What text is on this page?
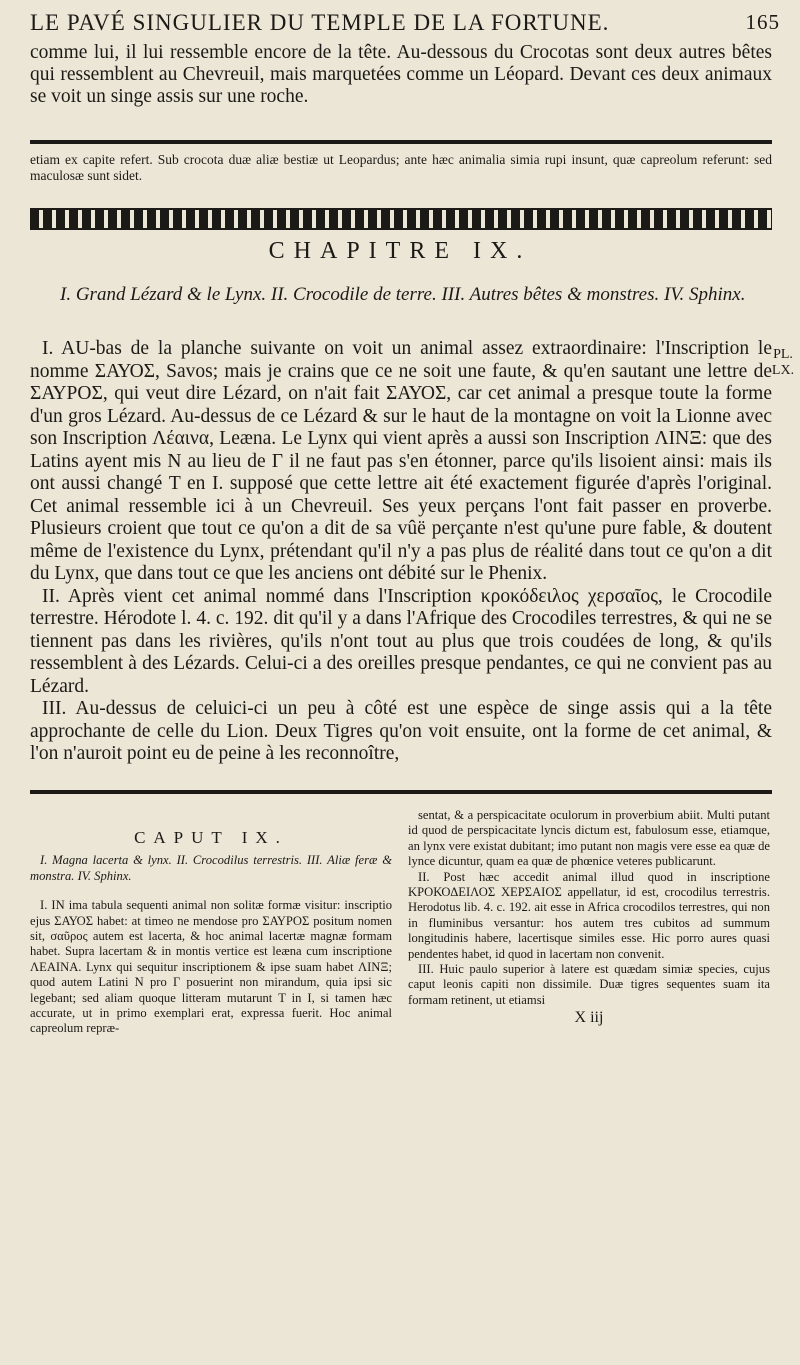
LE PAVÉ SINGULIER DU TEMPLE DE LA FORTUNE.	165
comme lui, il lui ressemble encore de la tête. Au-dessous du Crocotas sont deux autres bêtes qui ressemblent au Chevreuil, mais marquetées comme un Léopard. Devant ces deux animaux se voit un singe assis sur une roche.
etiam ex capite refert. Sub crocota duæ aliæ bestiæ ut Leopardus; ante hæc animalia simia rupi insunt, quæ capreolum referunt: sed maculosæ sunt sidet.
CHAPITRE IX.
I. Grand Lézard & le Lynx. II. Crocodile de terre. III. Autres bêtes & monstres. IV. Sphinx.
PL. LX.

I. AU-bas de la planche suivante on voit un animal assez extraordinaire: l'Inscription le nomme ΣΑΥΟΣ, Savos; mais je crains que ce ne soit une faute, & qu'en sautant une lettre de ΣΑΥΡΟΣ, qui veut dire Lézard, on n'ait fait ΣΑΥΟΣ, car cet animal a presque toute la forme d'un gros Lézard. Au-dessus de ce Lézard & sur le haut de la montagne on voit la Lionne avec son Inscription Λέαινα, Leæna. Le Lynx qui vient après a aussi son Inscription ΛΙΝΞ: que des Latins ayent mis N au lieu de Γ il ne faut pas s'en étonner, parce qu'ils lisoient ainsi: mais ils ont aussi changé Τ en Ι. supposé que cette lettre ait été exactement figurée d'après l'original. Cet animal ressemble ici à un Chevreuil. Ses yeux perçans l'ont fait passer en proverbe. Plusieurs croient que tout ce qu'on a dit de sa vûë perçante n'est qu'une pure fable, & doutent même de l'existence du Lynx, prétendant qu'il n'y a pas plus de réalité dans tout ce qu'on a dit du Lynx, que dans tout ce que les anciens ont débité sur le Phenix.

II. Après vient cet animal nommé dans l'Inscription κροκόδειλος χερσαῖος, le Crocodile terrestre. Hérodote l. 4. c. 192. dit qu'il y a dans l'Afrique des Crocodiles terrestres, & qui ne se tiennent pas dans les rivières, qu'ils n'ont tout au plus que trois coudées de long, & qu'ils ressemblent à des Lézards. Celui-ci a des oreilles presque pendantes, ce qui ne convient pas au Lézard.

III. Au-dessus de celuici-ci un peu à côté est une espèce de singe assis qui a la tête approchante de celle du Lion. Deux Tigres qu'on voit ensuite, ont la forme de cet animal, & l'on n'auroit point eu de peine à les reconnoître,

CAPUT IX.

I. Magna lacerta & lynx. II. Crocodilus terrestris. III. Aliæ feræ & monstra. IV. Sphinx.

I. IN ima tabula sequenti animal non solitæ formæ visitur: inscriptio ejus ΣΑΥΟΣ habet: at timeo ne mendose pro ΣΑΥΡΟΣ positum nomen sit, σαῦρος autem est lacerta, & hoc animal lacertæ magnæ formam habet. Supra lacertam & in montis vertice est leæna cum inscriptione ΛΕΑΙΝΑ. Lynx qui sequitur inscriptionem & ipse suam habet ΛΙΝΞ; quod autem Latini N pro Γ posuerint non mirandum, quia ipsi sic legebant; sed aliam quoque litteram mutarunt Τ in Ι, si tamen hæc accurate, ut in primo exemplari erat, expressa fuerit. Hoc animal capreolum repræ-

sentat, & a perspicacitate oculorum in proverbium abiit. Multi putant id quod de perspicacitate lyncis dictum est, fabulosum esse, etiamque, an lynx vere existat dubitant; imo putant non magis vere esse ea quæ de lynce dicuntur, quam ea quæ de phœnice veteres publicarunt.

II. Post hæc accedit animal illud quod in inscriptione ΚΡΟΚΟΔΕΙΛΟΣ ΧΕΡΣΑΙΟΣ appellatur, id est, crocodilus terrestris. Herodotus lib. 4. c. 192. ait esse in Africa crocodilos terrestres, qui non in fluminibus versantur: hos autem tres cubitos ad summum longitudinis habere, lacertisque similes esse. Hic porro aures quasi pendentes habet, id quod in lacertam non convenit.

III. Huic paulo superior à latere est quædam simiæ species, cujus caput leonis capiti non dissimile. Duæ tigres sequentes suam ita formam retinent, ut etiamsi

X iij
